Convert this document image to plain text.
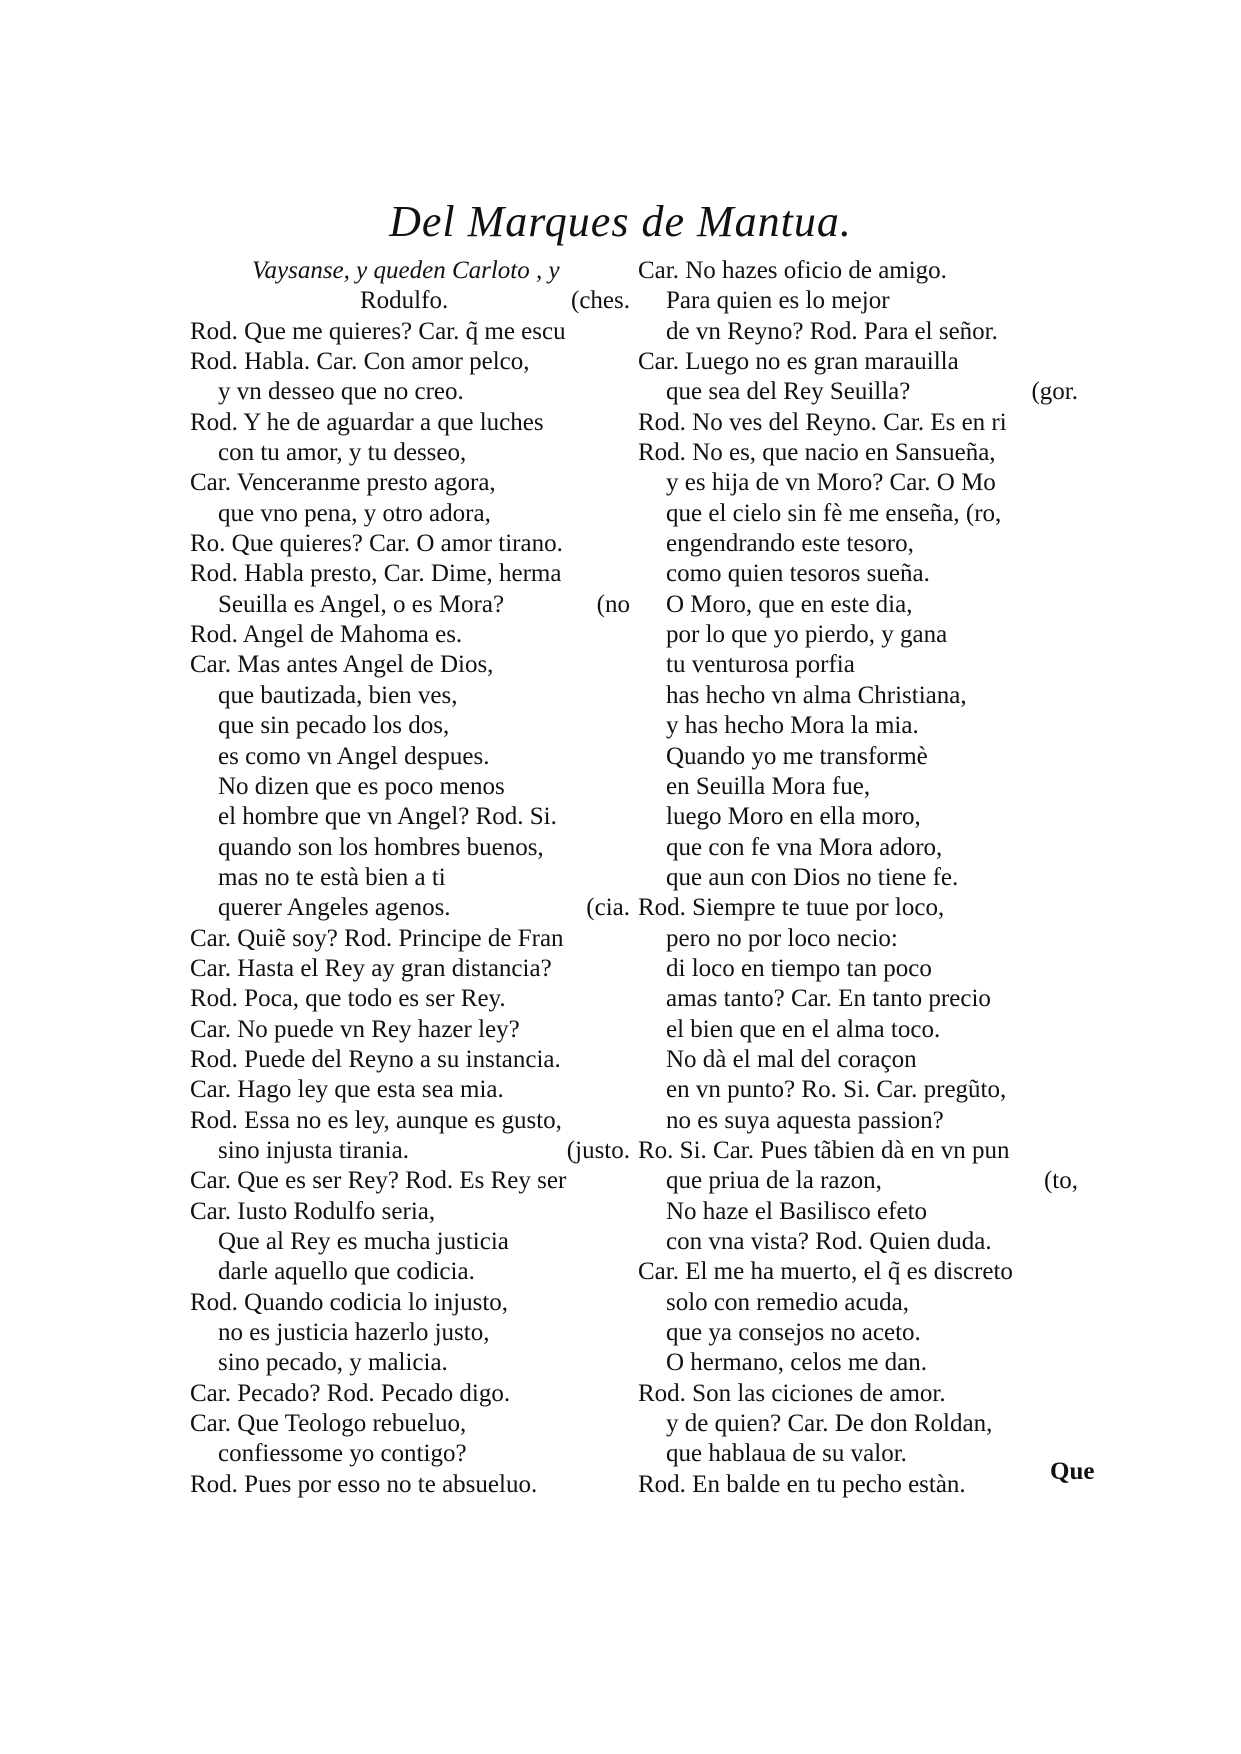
Del Marques de Mantua.
Vaysanse, y queden Carloto , y
Rodulfo.	(ches.
Rod. Que me quieres? Car. q̃ me escu
Rod. Habla. Car. Con amor pelco,
y vn desseo que no creo.
Rod. Y he de aguardar a que luches
con tu amor, y tu desseo,
Car. Venceranme presto agora,
que vno pena, y otro adora,
Ro. Que quieres? Car. O amor tirano.
Rod. Habla presto, Car. Dime, herma
Seuilla es Angel, o es Mora?	(no
Rod. Angel de Mahoma es.
Car. Mas antes Angel de Dios,
que bautizada, bien ves,
que sin pecado los dos,
es como vn Angel despues.
No dizen que es poco menos
el hombre que vn Angel? Rod. Si.
quando son los hombres buenos,
mas no te està bien a ti
querer Angeles agenos.	(cia.
Car. Quiẽ soy? Rod. Principe de Fran
Car. Hasta el Rey ay gran distancia?
Rod. Poca, que todo es ser Rey.
Car. No puede vn Rey hazer ley?
Rod. Puede del Reyno a su instancia.
Car. Hago ley que esta sea mia.
Rod. Essa no es ley, aunque es gusto,
sino injusta tirania.	(justo.
Car. Que es ser Rey? Rod. Es Rey ser
Car. Iusto Rodulfo seria,
Que al Rey es mucha justicia
darle aquello que codicia.
Rod. Quando codicia lo injusto,
no es justicia hazerlo justo,
sino pecado, y malicia.
Car. Pecado? Rod. Pecado digo.
Car. Que Teologo rebueluo,
confiessome yo contigo?
Rod. Pues por esso no te absueluo.
Car. No hazes oficio de amigo.
Para quien es lo mejor
de vn Reyno? Rod. Para el señor.
Car. Luego no es gran marauilla
que sea del Rey Seuilla?	(gor.
Rod. No ves del Reyno. Car. Es en ri
Rod. No es, que nacio en Sansueña,
y es hija de vn Moro? Car. O Mo
que el cielo sin fè me enseña, (ro,
engendrando este tesoro,
como quien tesoros sueña.
O Moro, que en este dia,
por lo que yo pierdo, y gana
tu venturosa porfia
has hecho vn alma Christiana,
y has hecho Mora la mia.
Quando yo me transformè
en Seuilla Mora fue,
luego Moro en ella moro,
que con fe vna Mora adoro,
que aun con Dios no tiene fe.
Rod. Siempre te tuue por loco,
pero no por loco necio:
di loco en tiempo tan poco
amas tanto? Car. En tanto precio
el bien que en el alma toco.
No dà el mal del coraçon
en vn punto? Ro. Si. Car. pregũto,
no es suya aquesta passion?
Ro. Si. Car. Pues tãbien dà en vn pun
que priua de la razon,	(to,
No haze el Basilisco efeto
con vna vista? Rod. Quien duda.
Car. El me ha muerto, el q̃ es discreto
solo con remedio acuda,
que ya consejos no aceto.
O hermano, celos me dan.
Rod. Son las ciciones de amor.
y de quien? Car. De don Roldan,
que hablaua de su valor.
Rod. En balde en tu pecho estàn.	Que
